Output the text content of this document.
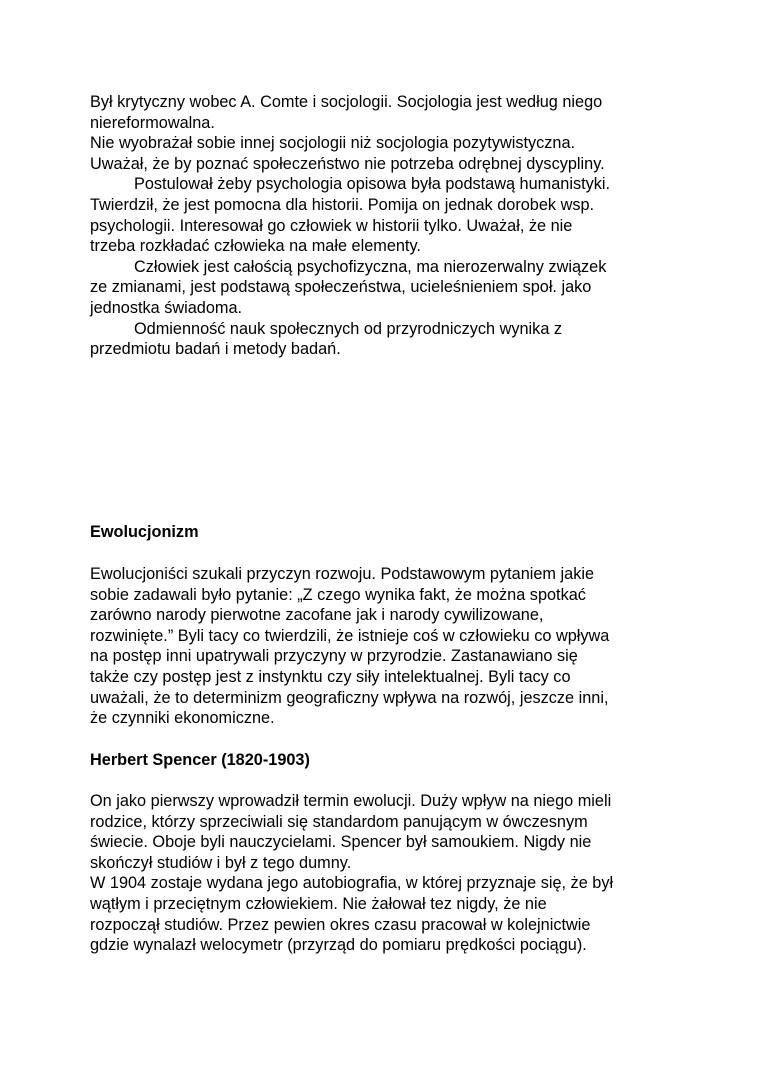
Był krytyczny wobec A. Comte i socjologii. Socjologia jest według niego
niereformowalna.
Nie wyobrażał sobie innej socjologii niż socjologia pozytywistyczna.
Uważał, że by poznać społeczeństwo nie potrzeba odrębnej dyscypliny.
Postulował żeby psychologia opisowa była podstawą humanistyki.
Twierdził, że jest pomocna dla historii. Pomija on jednak dorobek wsp.
psychologii. Interesował go człowiek w historii tylko. Uważał, że nie
trzeba rozkładać człowieka na małe elementy.
Człowiek jest całością psychofizyczna, ma nierozerwalny związek
ze zmianami, jest podstawą społeczeństwa, ucieleśnieniem społ. jako
jednostka świadoma.
Odmienność nauk społecznych od przyrodniczych wynika z
przedmiotu badań i metody badań.
Ewolucjonizm
Ewolucjoniści szukali przyczyn rozwoju. Podstawowym pytaniem jakie
sobie zadawali było pytanie: „Z czego wynika fakt, że można spotkać
zarówno narody pierwotne zacofane jak i narody cywilizowane,
rozwinięte.” Byli tacy co twierdzili, że istnieje coś w człowieku co wpływa
na postęp inni upatrywali przyczyny w przyrodzie. Zastanawiano się
także czy postęp jest z instynktu czy siły intelektualnej. Byli tacy co
uważali, że to determinizm geograficzny wpływa na rozwój, jeszcze inni,
że czynniki ekonomiczne.
Herbert Spencer (1820-1903)
On jako pierwszy wprowadził termin ewolucji. Duży wpływ na niego mieli
rodzice, którzy sprzeciwiali się standardom panującym w ówczesnym
świecie. Oboje byli nauczycielami. Spencer był samoukiem. Nigdy nie
skończył studiów i był z tego dumny.
W 1904 zostaje wydana jego autobiografia, w której przyznaje się, że był
wątłym i przeciętnym człowiekiem. Nie żałował tez nigdy, że nie
rozpoczął studiów. Przez pewien okres czasu pracował w kolejnictwie
gdzie wynalazł welocymetr (przyrząd do pomiaru prędkości pociągu).
